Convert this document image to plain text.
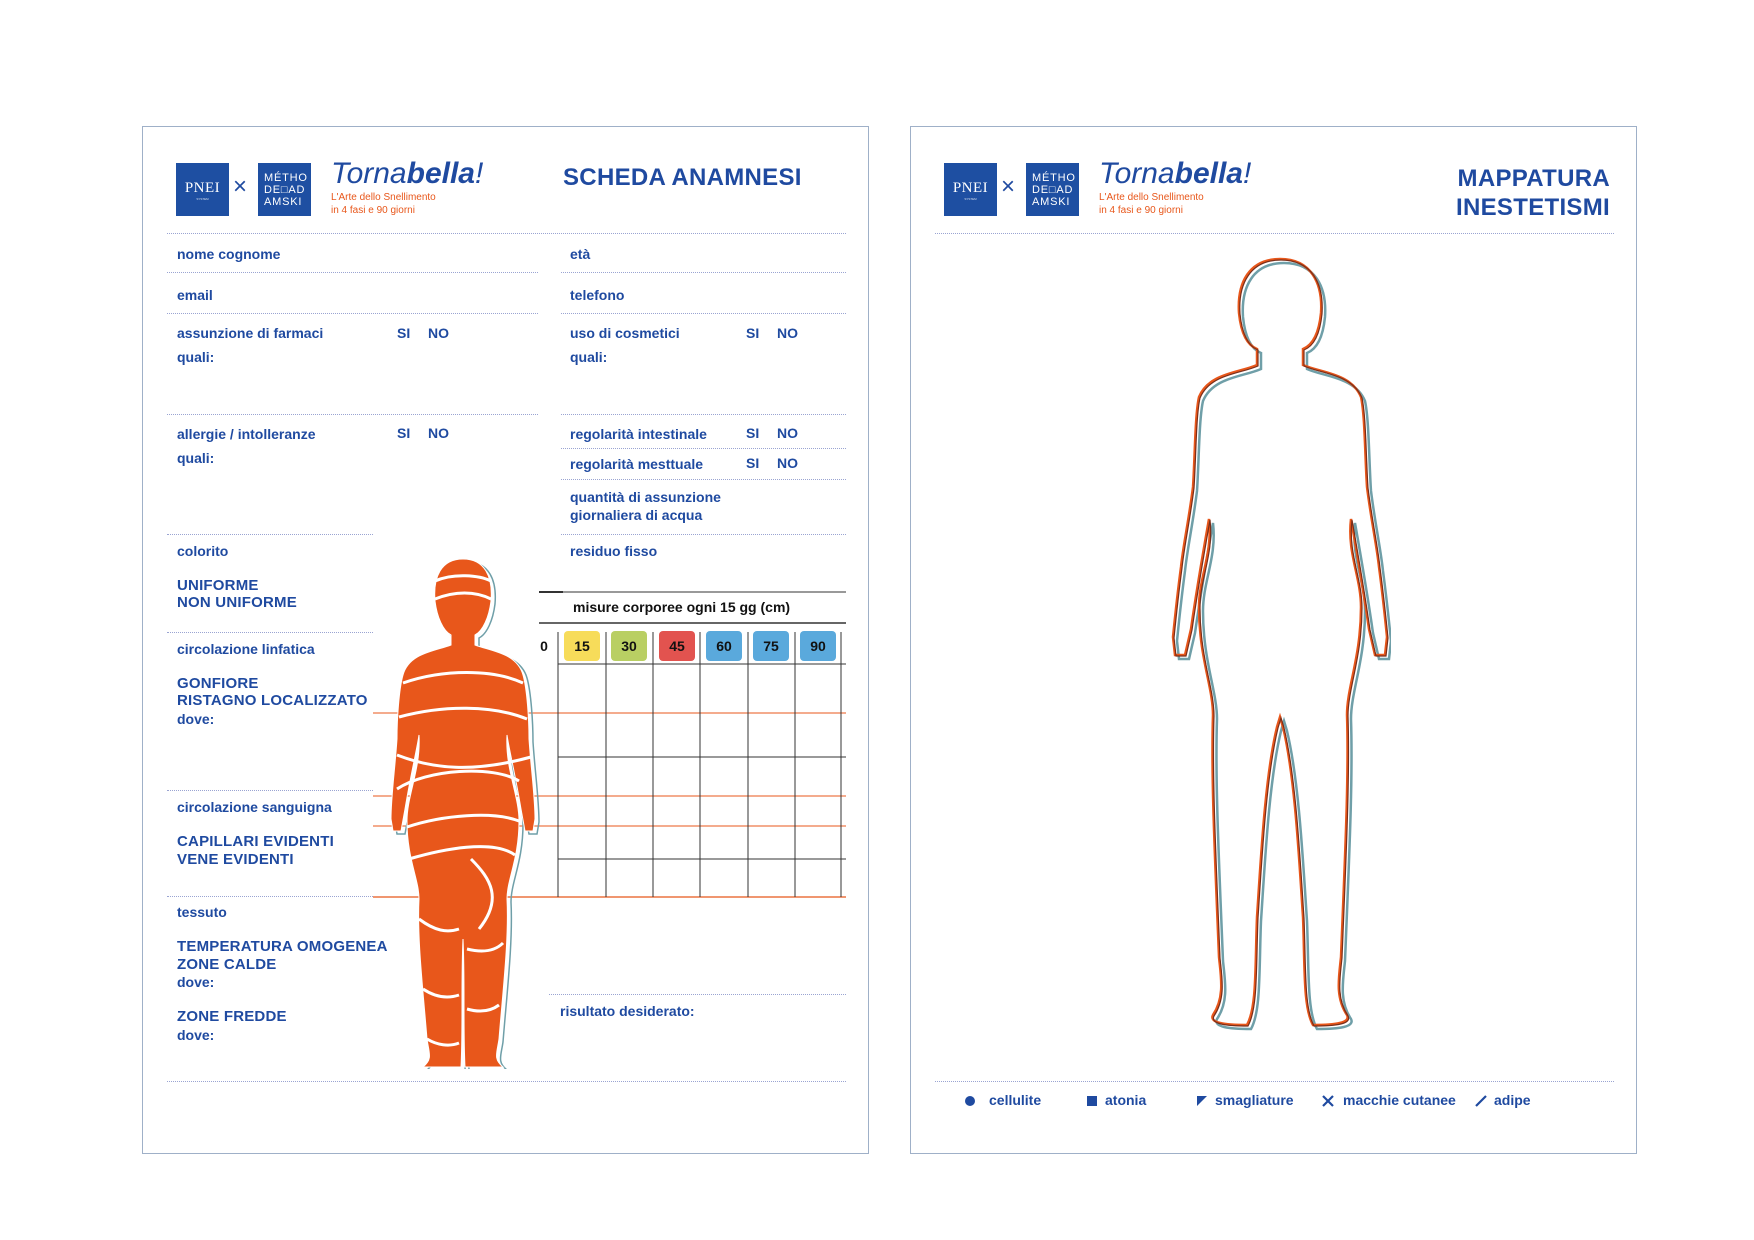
PNEI
SYSTEM	× MÉTHO
DE□AD
AMSKI
Tornabella!
L'Arte dello Snellimento
in 4 fasi e 90 giorni
SCHEDA ANAMNESI
nome cognome	età
email	telefono
assunzione di farmaci	SI NO
quali:
uso di cosmetici	SI NO
quali:
allergie / intolleranze	SI NO
quali:
regolarità intestinale	SI NO
regolarità mesttuale	SI NO
quantità di assunzione
giornaliera di acqua
colorito	residuo fisso
UNIFORME
NON UNIFORME
circolazione linfatica
GONFIORE
RISTAGNO LOCALIZZATO
dove:
circolazione sanguigna
CAPILLARI EVIDENTI
VENE EVIDENTI
tessuto
TEMPERATURA OMOGENEA
ZONE CALDE
dove:
ZONE FREDDE
dove:
risultato desiderato:
misure corporee ogni 15 gg (cm)
0	15	30	45	60	75	90
PNEI
SYSTEM	× MÉTHO
DE□AD
AMSKI
Tornabella!
L'Arte dello Snellimento
in 4 fasi e 90 giorni
MAPPATURA
INESTETISMI
cellulite	atonia	smagliature	macchie cutanee	adipe
